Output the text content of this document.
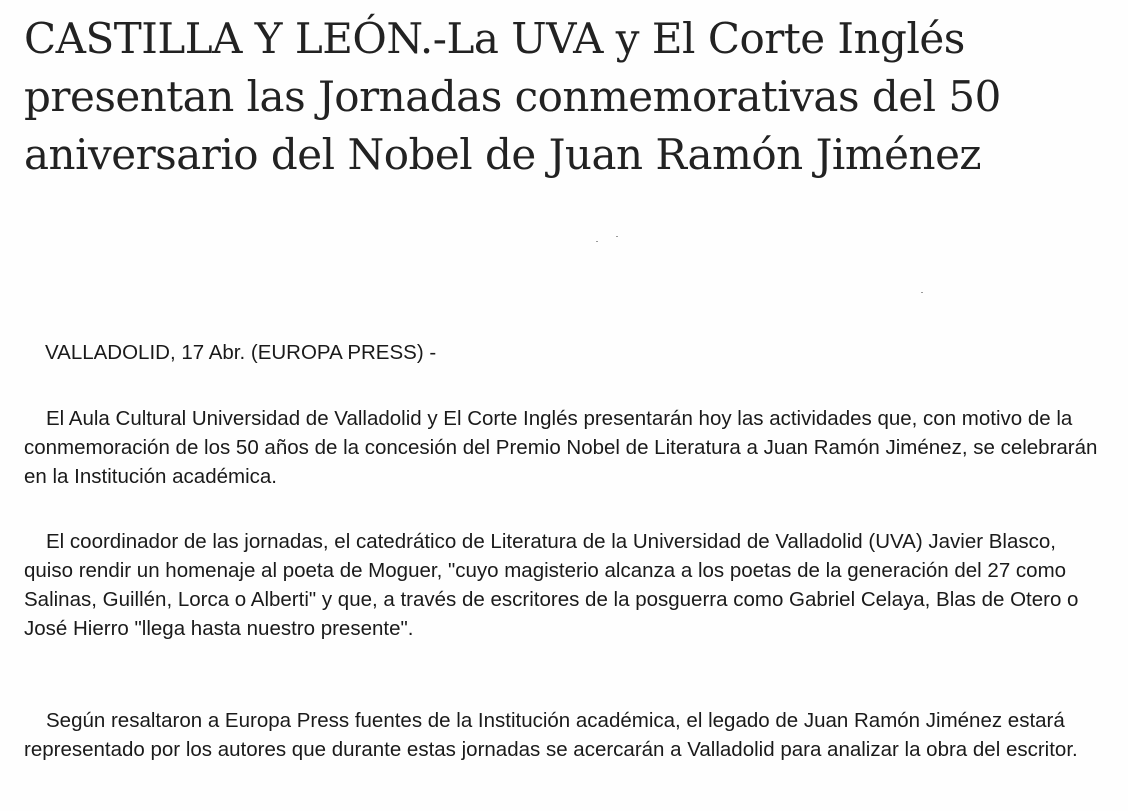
CASTILLA Y LEÓN.-La UVA y El Corte Inglés presentan las Jornadas conmemorativas del 50 aniversario del Nobel de Juan Ramón Jiménez

VALLADOLID, 17 Abr. (EUROPA PRESS) -

El Aula Cultural Universidad de Valladolid y El Corte Inglés presentarán hoy las actividades que, con motivo de la conmemoración de los 50 años de la concesión del Premio Nobel de Literatura a Juan Ramón Jiménez, se celebrarán en la Institución académica.

El coordinador de las jornadas, el catedrático de Literatura de la Universidad de Valladolid (UVA) Javier Blasco, quiso rendir un homenaje al poeta de Moguer, "cuyo magisterio alcanza a los poetas de la generación del 27 como Salinas, Guillén, Lorca o Alberti" y que, a través de escritores de la posguerra como Gabriel Celaya, Blas de Otero o José Hierro "llega hasta nuestro presente".

Según resaltaron a Europa Press fuentes de la Institución académica, el legado de Juan Ramón Jiménez estará representado por los autores que durante estas jornadas se acercarán a Valladolid para analizar la obra del escritor.
